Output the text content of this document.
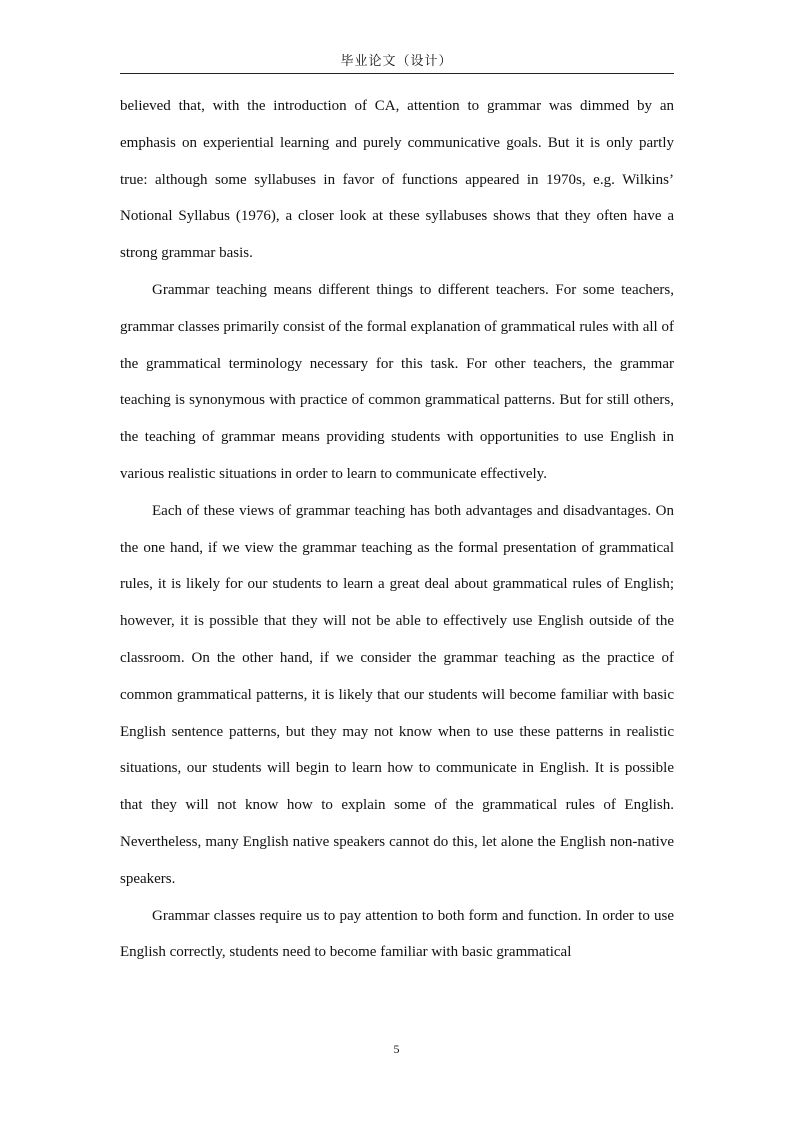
毕业论文（设计）

believed that, with the introduction of CA, attention to grammar was dimmed by an emphasis on experiential learning and purely communicative goals. But it is only partly true: although some syllabuses in favor of functions appeared in 1970s, e.g. Wilkins’ Notional Syllabus (1976), a closer look at these syllabuses shows that they often have a strong grammar basis.

Grammar teaching means different things to different teachers. For some teachers, grammar classes primarily consist of the formal explanation of grammatical rules with all of the grammatical terminology necessary for this task. For other teachers, the grammar teaching is synonymous with practice of common grammatical patterns. But for still others, the teaching of grammar means providing students with opportunities to use English in various realistic situations in order to learn to communicate effectively.

Each of these views of grammar teaching has both advantages and disadvantages. On the one hand, if we view the grammar teaching as the formal presentation of grammatical rules, it is likely for our students to learn a great deal about grammatical rules of English; however, it is possible that they will not be able to effectively use English outside of the classroom. On the other hand, if we consider the grammar teaching as the practice of common grammatical patterns, it is likely that our students will become familiar with basic English sentence patterns, but they may not know when to use these patterns in realistic situations, our students will begin to learn how to communicate in English. It is possible that they will not know how to explain some of the grammatical rules of English. Nevertheless, many English native speakers cannot do this, let alone the English non-native speakers.

Grammar classes require us to pay attention to both form and function. In order to use English correctly, students need to become familiar with basic grammatical

5
